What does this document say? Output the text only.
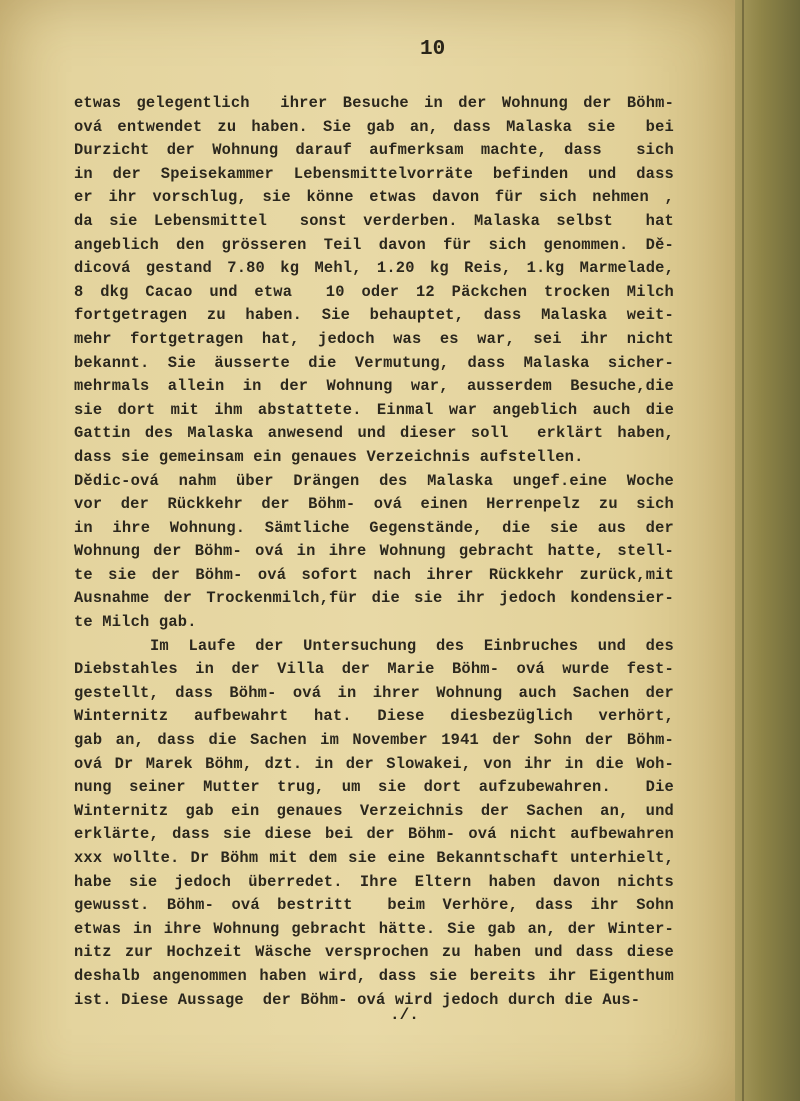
10
etwas gelegentlich  ihrer Besuche in der Wohnung der Böhm-
ová entwendet zu haben. Sie gab an, dass Malaska sie  bei
Durzicht der Wohnung darauf aufmerksam machte, dass  sich
in der Speisekammer Lebensmittelvorräte befinden und dass
er ihr vorschlug, sie könne etwas davon für sich nehmen ,
da sie Lebensmittel  sonst verderben. Malaska selbst  hat
angeblich den grösseren Teil davon für sich genommen. Dě-
dicová gestand 7.80 kg Mehl, 1.20 kg Reis, 1.kg Marmelade,
8 dkg Cacao und etwa  10 oder 12 Päckchen trocken Milch
fortgetragen zu haben. Sie behauptet, dass Malaska weit-
mehr fortgetragen hat, jedoch was es war, sei ihr nicht
bekannt. Sie äusserte die Vermutung, dass Malaska sicher-
mehrmals allein in der Wohnung war, ausserdem Besuche,die
sie dort mit ihm abstattete. Einmal war angeblich auch die
Gattin des Malaska anwesend und dieser soll  erklärt haben,
dass sie gemeinsam ein genaues Verzeichnis aufstellen.
Dědic-ová nahm über Drängen des Malaska ungef.eine Woche
vor der Rückkehr der Böhm- ová einen Herrenpelz zu sich
in ihre Wohnung. Sämtliche Gegenstände, die sie aus der
Wohnung der Böhm- ová in ihre Wohnung gebracht hatte, stell-
te sie der Böhm- ová sofort nach ihrer Rückkehr zurück,mit
Ausnahme der Trockenmilch,für die sie ihr jedoch kondensier-
te Milch gab.
Im Laufe der Untersuchung des Einbruches und des
Diebstahles in der Villa der Marie Böhm- ová wurde fest-
gestellt, dass Böhm- ová in ihrer Wohnung auch Sachen der
Winternitz aufbewahrt hat. Diese diesbezüglich verhört,
gab an, dass die Sachen im November 1941 der Sohn der Böhm-
ová Dr Marek Böhm, dzt. in der Slowakei, von ihr in die Woh-
nung seiner Mutter trug, um sie dort aufzubewahren.  Die
Winternitz gab ein genaues Verzeichnis der Sachen an, und
erklärte, dass sie diese bei der Böhm- ová nicht aufbewahren
xxx wollte. Dr Böhm mit dem sie eine Bekanntschaft unterhielt,
habe sie jedoch überredet. Ihre Eltern haben davon nichts
gewusst. Böhm- ová bestritt  beim Verhöre, dass ihr Sohn
etwas in ihre Wohnung gebracht hätte. Sie gab an, der Winter-
nitz zur Hochzeit Wäsche versprochen zu haben und dass diese
deshalb angenommen haben wird, dass sie bereits ihr Eigenthum
ist. Diese Aussage  der Böhm- ová wird jedoch durch die Aus-
./.
